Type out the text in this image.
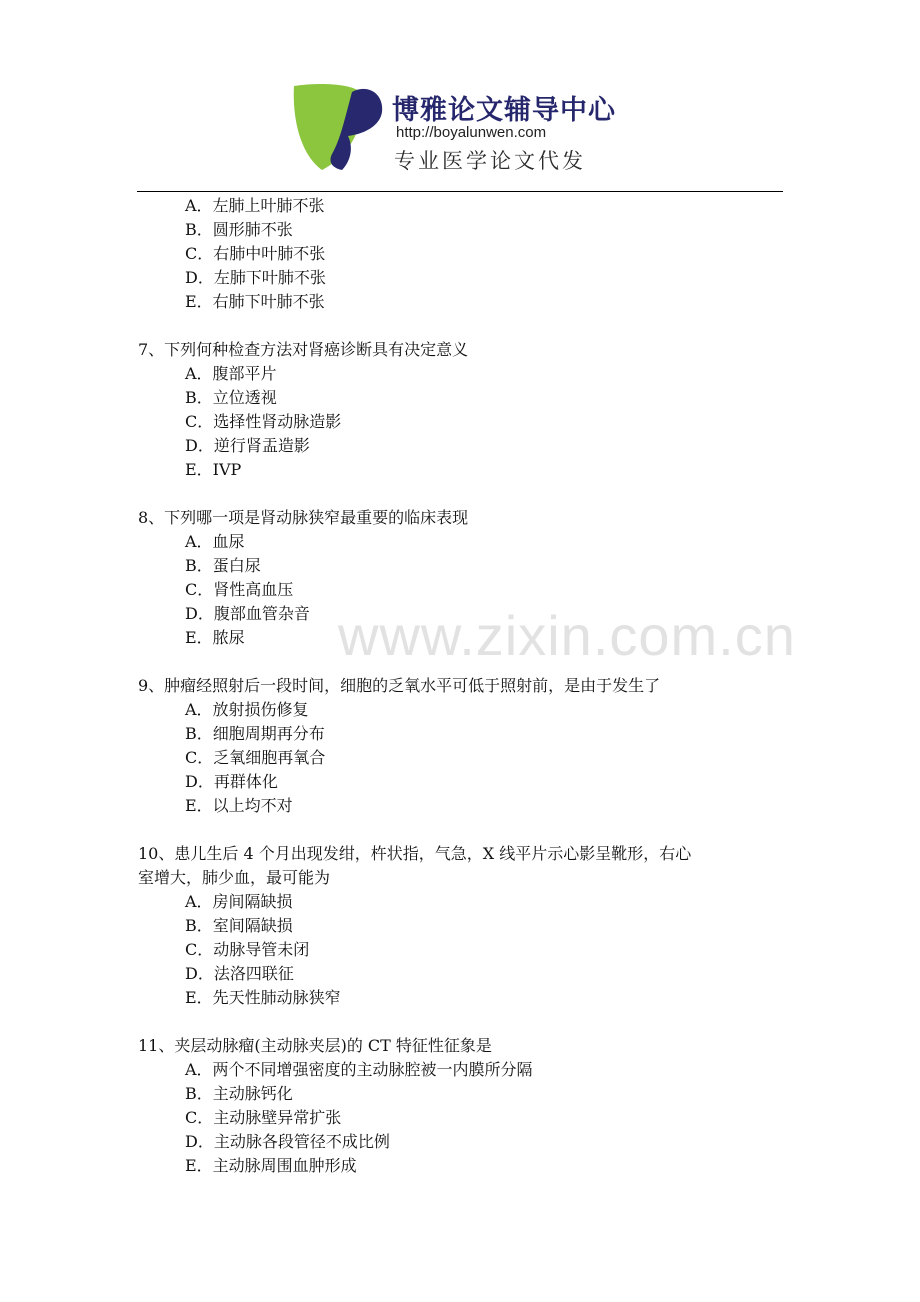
博雅论文辅导中心
http://boyalunwen.com
专业医学论文代发
www.zixin.com.cn
A．左肺上叶肺不张
B．圆形肺不张
C．右肺中叶肺不张
D．左肺下叶肺不张
E．右肺下叶肺不张
7、下列何种检查方法对肾癌诊断具有决定意义
A．腹部平片
B．立位透视
C．选择性肾动脉造影
D．逆行肾盂造影
E．IVP
8、下列哪一项是肾动脉狭窄最重要的临床表现
A．血尿
B．蛋白尿
C．肾性高血压
D．腹部血管杂音
E．脓尿
9、肿瘤经照射后一段时间，细胞的乏氧水平可低于照射前，是由于发生了
A．放射损伤修复
B．细胞周期再分布
C．乏氧细胞再氧合
D．再群体化
E．以上均不对
10、患儿生后 4 个月出现发绀，杵状指，气急，X 线平片示心影呈靴形，右心
室增大，肺少血，最可能为
A．房间隔缺损
B．室间隔缺损
C．动脉导管未闭
D．法洛四联征
E．先天性肺动脉狭窄
11、夹层动脉瘤(主动脉夹层)的 CT 特征性征象是
A．两个不同增强密度的主动脉腔被一内膜所分隔
B．主动脉钙化
C．主动脉壁异常扩张
D．主动脉各段管径不成比例
E．主动脉周围血肿形成
